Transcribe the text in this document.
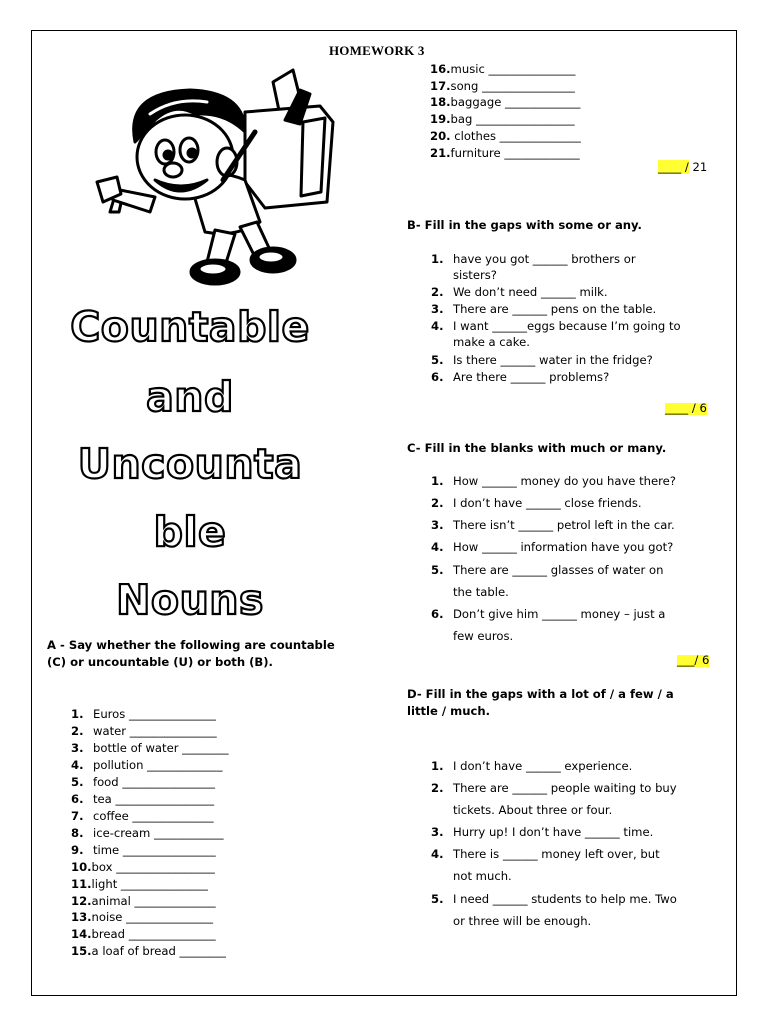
HOMEWORK 3
Countable
and
Uncounta
ble
Nouns
A - Say whether the following are countable (C) or uncountable (U) or both (B).
1. Euros _______________
2. water _______________
3. bottle of water ________
4. pollution _____________
5. food ________________
6. tea _________________
7. coffee ______________
8. ice-cream ____________
9. time ________________
10.box _________________
11.light _______________
12.animal ______________
13.noise _______________
14.bread _______________
15.a loaf of bread ________
16.music _______________
17.song ________________
18.baggage _____________
19.bag _________________
20. clothes ______________
21.furniture _____________
____ / 21
B- Fill in the gaps with some or any.
1. have you got ______ brothers or
sisters?
2. We don’t need ______ milk.
3. There are ______ pens on the table.
4. I want ______eggs because I’m going to
make a cake.
5. Is there ______ water in the fridge?
6. Are there ______ problems?
____ / 6
C- Fill in the blanks with much or many.
1. How ______ money do you have there?
2. I don’t have ______ close friends.
3. There isn’t ______ petrol left in the car.
4. How ______ information have you got?
5. There are ______ glasses of water on
the table.
6. Don’t give him ______ money – just a
few euros.
___/ 6
D- Fill in the gaps with a lot of / a few / a
little / much.
1. I don’t have ______ experience.
2. There are ______ people waiting to buy
tickets. About three or four.
3. Hurry up! I don’t have ______ time.
4. There is ______ money left over, but
not much.
5. I need ______ students to help me. Two
or three will be enough.
